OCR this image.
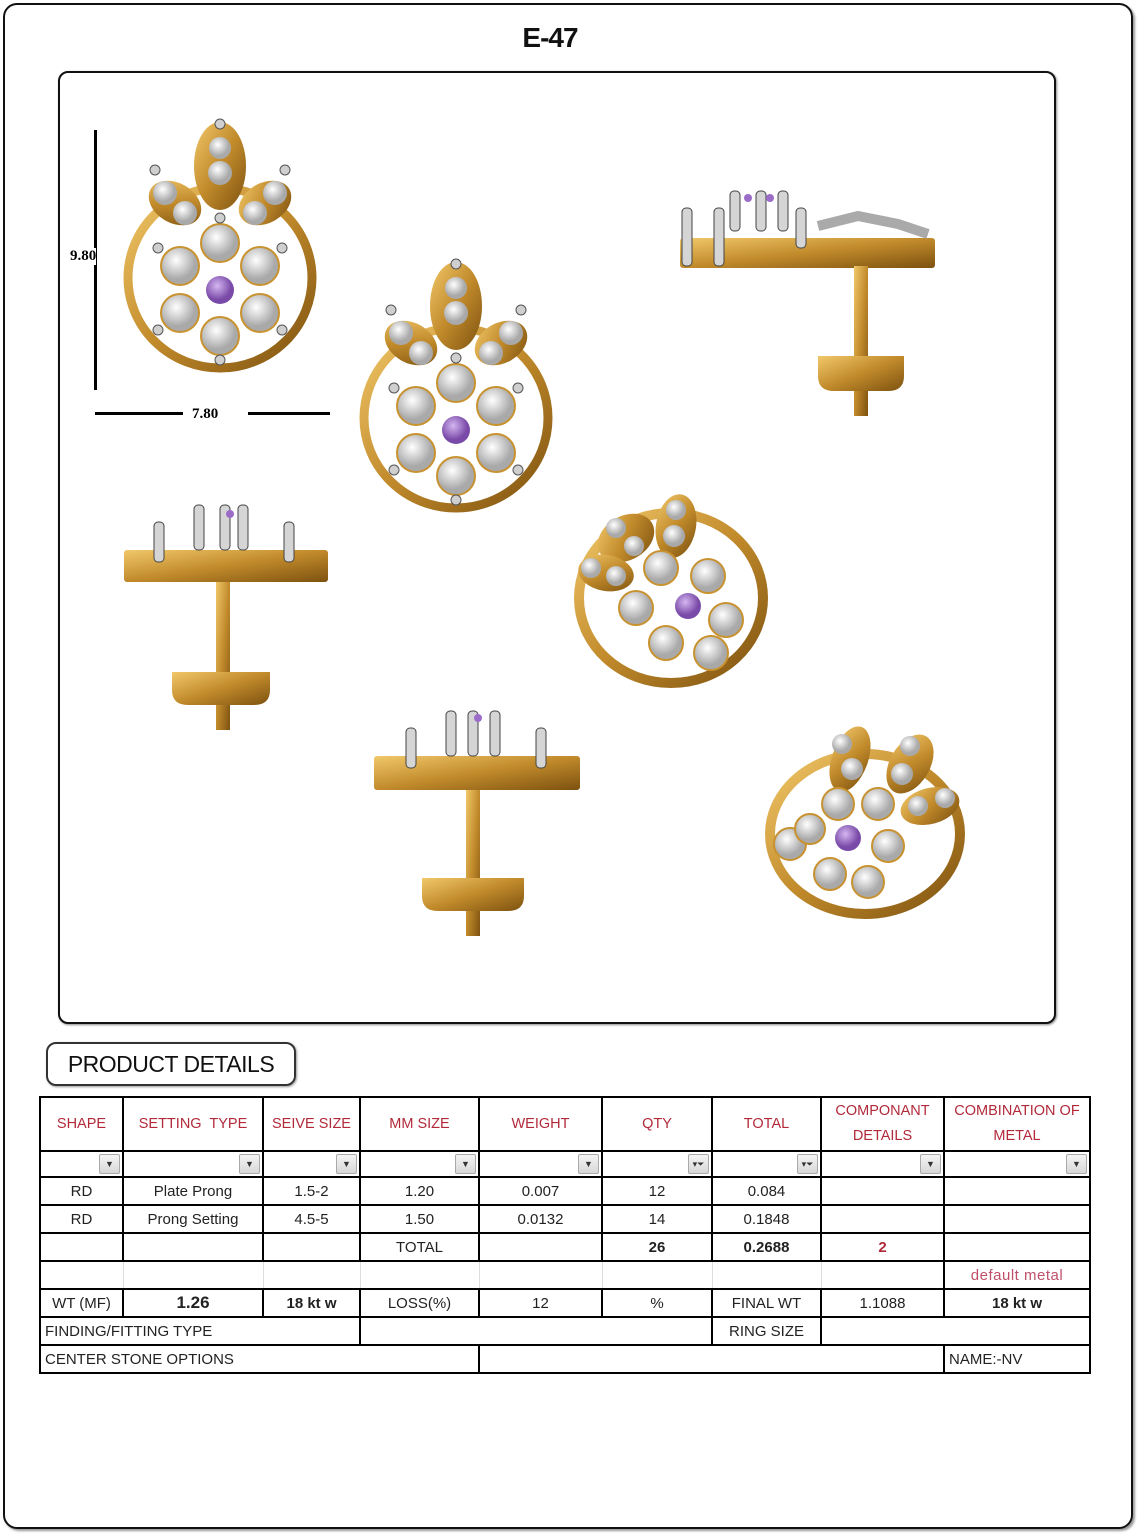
E-47
9.80
7.80
PRODUCT DETAILS
SHAPE	SETTING  TYPE	SEIVE SIZE	MM SIZE	WEIGHT	QTY	TOTAL	COMPONANT DETAILS	COMBINATION OF METAL

▼	▼	▼	▼	▼	▾⏷	▾⏷	▼	▼

RD	Plate Prong	1.5-2	1.20	0.007	12	0.084		
RD	Prong Setting	4.5-5	1.50	0.0132	14	0.1848		
			TOTAL		26	0.2688	2	
								default metal
WT (MF)	1.26	18 kt w	LOSS(%)	12	%	FINAL WT	1.1088	18 kt w
FINDING/FITTING TYPE						RING SIZE		
CENTER STONE OPTIONS								NAME:-NV
